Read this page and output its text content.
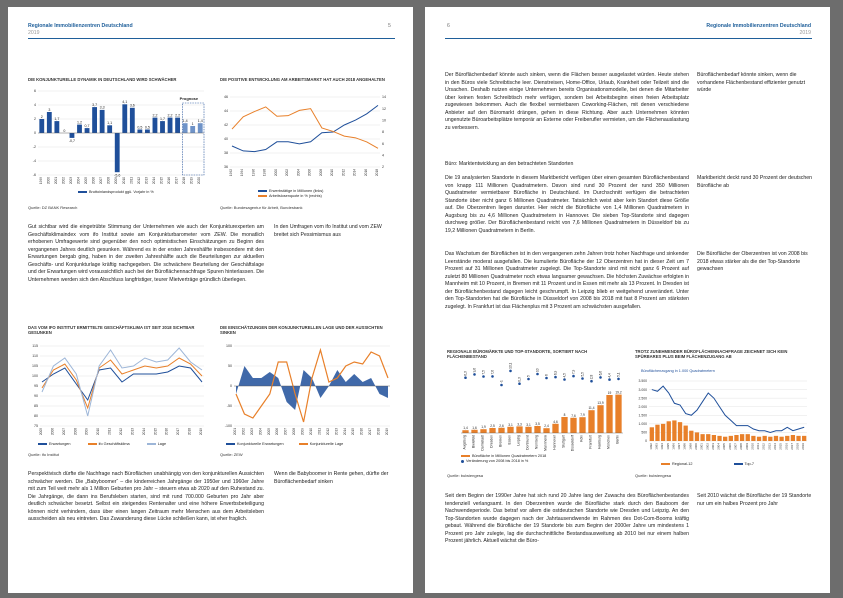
Regionale Immobilienzentren Deutschland
2019
5
DIE KONJUNKTURELLE DYNAMIK IN DEUTSCHLAND WIRD SCHWÄCHER
-6
-4
-2
0
2
4
6
Prognose
2
1999
3
2000
1,7
2001
0
2002
-0,7
2003
1,2
2004
0,7
2005
3,7
2006
3,3
2007
1,1
2008
-5,6
2009
4,1
2010
3,6
2011
0,5
2012
0,5
2013
2,2
2014
1,7
2015
2,2
2016
2,2
2017
1,4
2018
1
2019
1,4
2020
Bruttoinlandsprodukt ggü. Vorjahr in %
Quelle: DZ BANK Research
DIE POSITIVE ENTWICKLUNG AM ARBEITSMARKT HAT AUCH 2018 ANGEHALTEN
36
38
40
42
44
46
2
4
6
8
10
12
14
1992 1994 1996 1998 2000 2002 2004 2006 2008 2010 2012 2014 2016 2018
Erwerbstätige in Millionen (links)
Arbeitslosenquote in % (rechts)
Quelle: Bundesagentur für Arbeit, Bundesbank
Gut sichtbar wird die eingetrübte Stimmung der Unternehmen wie auch der Konjunkturexperten am Geschäftsklimaindex vom ifo Institut sowie am Konjunkturbarometer vom ZEW. Die monatlich erhobenen Umfragewerte sind gegenüber den noch optimistischen Einschätzungen zu Beginn des vergangenen Jahres deutlich gesunken. Während es in der ersten Jahreshälfte insbesondere mit den Erwartungen bergab ging, haben in der zweiten Jahreshälfte auch die Beurteilungen zur aktuellen Geschäfts- und Konjunkturlage kräftig nachgegeben. Die schwächere Beurteilung der Geschäftslage und der Erwartungen wird voraussichtlich auch bei der Büroflächennachfrage Spuren hinterlassen. Die Unternehmen werden sich den Abschluss langfristiger, teurer Mietverträge gründlich überlegen.
In den Umfragen vom ifo Institut und vom ZEW breitet sich Pessimismus aus
DAS VOM IFO INSTITUT ERMITTELTE GESCHÄFTSKLIMA IST SEIT 2018 SICHTBAR GESUNKEN
75
80
85
90
95
100
105
110
115
2005 2006 2007 2008 2009 2010 2011 2012 2013 2014 2015 2016 2017 2018 2019
Erwartungen	ifo Geschäftsklima	Lage
Quelle: ifo Institut
DIE EINSCHÄTZUNGEN DER KONJUNKTURELLEN LAGE UND DER AUSSICHTEN SINKEN
-100
-50
0
50
100
2001 2002 2003 2004 2005 2006 2007 2008 2009 2010 2011 2012 2013 2014 2015 2016 2017 2018 2019
Konjunkturelle Erwartungen	Konjunkturelle Lage
Quelle: ZEW
Perspektivisch dürfte die Nachfrage nach Büroflächen unabhängig von den konjunkturellen Aussichten schwächer werden. Die „Babyboomer“ – die kinderreichen Jahrgänge der 1950er und 1960er Jahre mit zum Teil weit mehr als 1 Million Geburten pro Jahr – steuern etwa ab 2020 auf den Ruhestand zu. Die Jahrgänge, die dann ins Berufsleben starten, sind mit rund 700.000 Geburten pro Jahr aber deutlich schwächer besetzt. Selbst ein steigendes Rentenalter und eine höhere Erwerbsbeteiligung können nicht verhindern, dass über einen langen Zeitraum mehr Menschen aus dem Arbeitsleben ausscheiden als neu eintreten. Das Zuwanderung diese Lücke schließen kann, ist eher fraglich.
Wenn die Babyboomer in Rente gehen, dürfte der Büroflächenbedarf sinken
6	Regionale Immobilienzentren Deutschland
2019
Der Büroflächenbedarf könnte auch sinken, wenn die Flächen besser ausgelastet würden. Heute stehen in den Büros viele Schreibtische leer. Dienstreisen, Home-Office, Urlaub, Krankheit oder Teilzeit sind die Ursachen. Deshalb nutzen einige Unternehmen bereits Organisationsmodelle, bei denen die Mitarbeiter über keinen festen Schreibtisch mehr verfügen, sondern bei Arbeitsbeginn einen freien Arbeitsplatz zugewiesen bekommen. Auch die flexibel vermietbaren Coworking-Flächen, mit denen verschiedene Anbieter auf den Büromarkt drängen, gehen in diese Richtung. Aber auch Unternehmen könnten ungenutzte Bürоarbeitsplätze temporär an Externe oder Freiberufler vermieten, um die Flächenauslastung zu verbessern.
Büroflächenbedarf könnte sinken, wenn die vorhandene Flächenbestand effizienter genutzt würde
Büro: Marktentwicklung an den betrachteten Standorten
Die 19 analysierten Standorte in diesem Marktbericht verfügen über einen gesamten Büroflächenbestand von knapp 111 Millionen Quadratmetern. Davon sind rund 30 Prozent der rund 350 Millionen Quadratmeter vermietbarer Bürofläche in Deutschland. Im Durchschnitt verfügen die betrachteten Standorte über nicht ganz 6 Millionen Quadratmeter. Tatsächlich weist aber kein Standort diese Größe auf. Die Oberzentren liegen darunter. Hier reicht die Bürofläche von 1,4 Millionen Quadratmetern in Augsburg bis zu 4,6 Millionen Quadratmetern in Hannover. Die sieben Top-Standorte sind dagegen durchweg größer. Der Büroflächenbestand reicht von 7,6 Millionen Quadratmetern in Düsseldorf bis zu 19,2 Millionen Quadratmetern in Berlin.
Marktbericht deckt rund 30 Prozent der deutschen Bürofläche ab
Das Wachstum der Büroflächen ist in den vergangenen zehn Jahren trotz hoher Nachfrage und sinkender Leerstände moderat ausgefallen. Die kumulierte Bürofläche der 12 Oberzentren hat in dieser Zeit um 7 Prozent auf 31 Millionen Quadratmeter zugelegt. Die Top-Standorte sind mit nicht ganz 6 Prozent auf zuletzt 80 Millionen Quadratmeter noch etwas langsamer gewachsen. Die höchsten Zuwächse erfolgten in Mannheim mit 10 Prozent, in Bremen mit 11 Prozent und in Essen mit mehr als 13 Prozent. In Dresden ist der Büroflächenbestand dagegen leicht geschrumpft. In Leipzig blieb er weitgehend unverändert. Unter den Top-Standorten hat die Bürofläche in Düsseldorf von 2008 bis 2018 mit fast 8 Prozent am stärksten zugelegt. In Frankfurt ist das Flächenplus mit 3 Prozent am schwächsten ausgefallen.
Die Bürofläche der Oberzentren ist von 2008 bis 2018 etwas stärker als die der Top-Standorte gewachsen
REGIONALE BÜROMÄRKTE UND TOP-STANDORTE, SORTIERT NACH FLÄCHENBESTAND
1,4
6,3
Augsburg
1,6
9,6
Bielefeld
1,9
7,5
Darmstadt
2,5
7,6
Dresden
2,6
-1
Bremen
3,1
13,1
Essen
3,3
0,3
Leipzig
3,1
5
Dortmund
3,5
10
Nürnberg
2,4
6
Mannheim
4,6
6,9
Hannover
8
4,5
Stuttgart
7,6
7,9
Düsseldorf
7,9
5,5
Köln
11,4
2,8
Frankfurt
13,9
6,6
Hamburg
19
4,4
München
19,2
5,1
Berlin
Bürofläche in Millionen Quadratmetern 2018
Veränderung von 2008 bis 2018 in %
Quelle: bulwiengesa
TROTZ ZUNEHMENDER BÜROFLÄCHENNACHFRAGE ZEICHNET SICH KEIN SPÜRBARES PLUS BEIM FLÄCHENZUGANG AB
Büroflächenzugang in 1.000 Quadratmetern
0
500
1.000
1.500
2.000
2.500
3.000
3.500
1992 1993 1994 1995 1996 1997 1998 1999 2000 2001 2002 2003 2004 2005 2006 2007 2008 2009 2010 2011 2012 2013 2014 2015 2016 2017 2018 2019
Regional-12	Top-7
Quelle: bulwiengesa
Seit dem Beginn der 1990er Jahre hat sich rund 20 Jahre lang der Zuwachs des Büroflächenbestandes tendenziell verlangsamt. In den Oberzentren wurde die Bürofläche stark durch den Bauboom der Nachwendeperiode. Das betraf vor allem die ostdeutschen Standorte wie Dresden und Leipzig. An den Top-Standorten wurde dagegen nach der Jahrtausendwende im Rahmen des Dot-Com-Booms kräftig gebaut. Während die Bürofläche der 19 Standorte bis zum Beginn der 2000er Jahre um mindestens 1 Prozent pro Jahr zulegte, lag die durchschnittliche Bestandsausweitung ab 2010 bei nur einem halben Prozent jährlich. Aktuell wächst die Büro-
Seit 2010 wächst die Bürofläche der 19 Standorte nur um ein halbes Prozent pro Jahr
